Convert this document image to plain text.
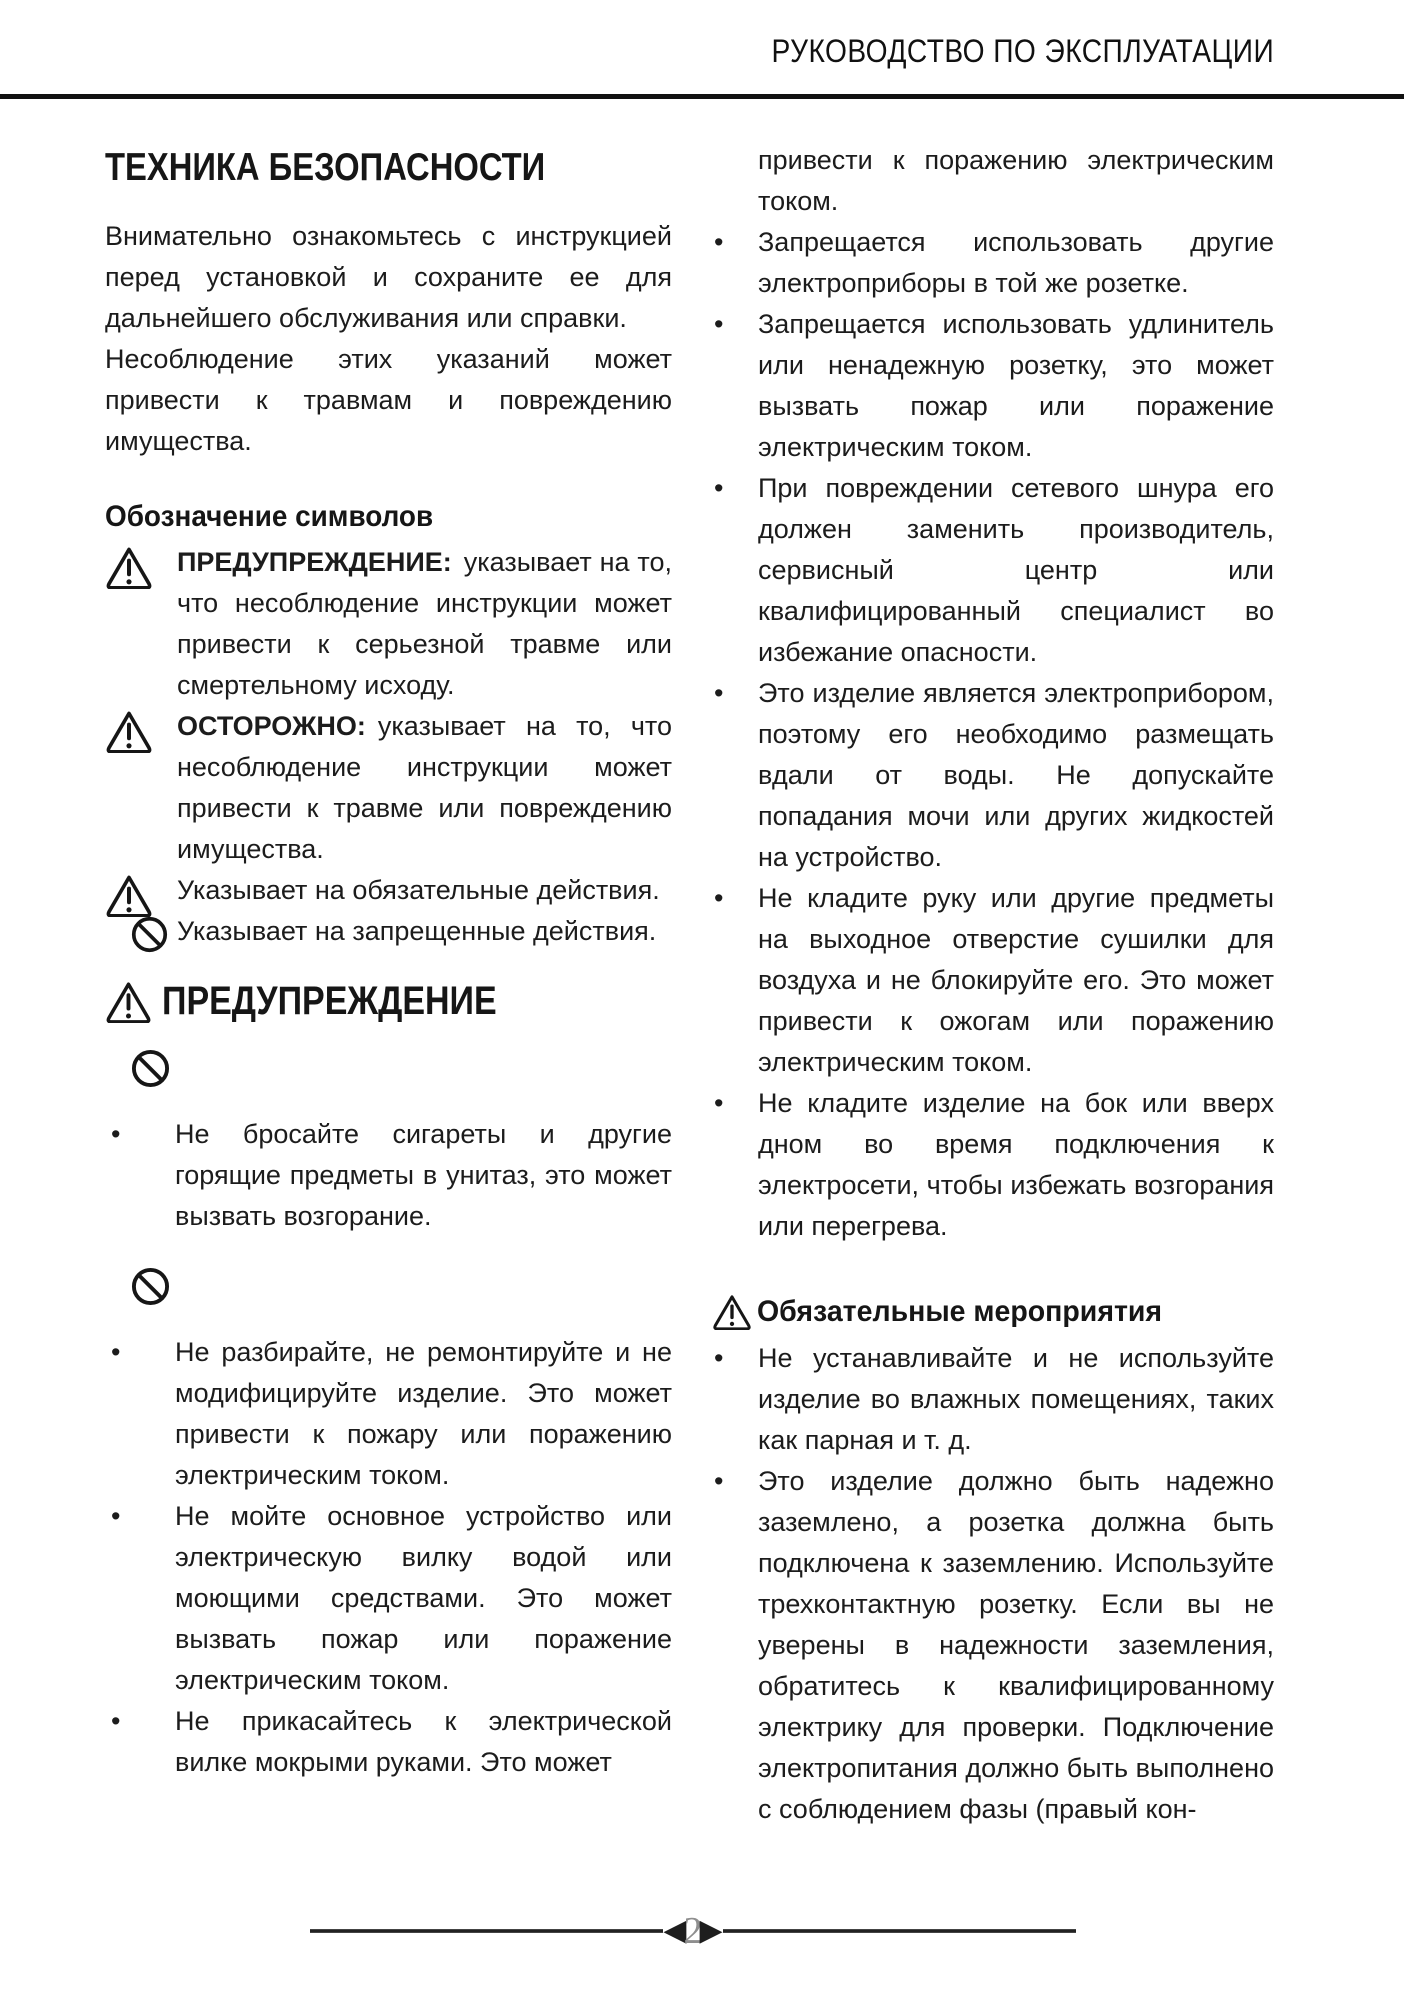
РУКОВОДСТВО ПО ЭКСПЛУАТАЦИИ
ТЕХНИКА БЕЗОПАСНОСТИ

Внимательно ознакомьтесь с инструкцией перед установкой и сохраните ее для дальнейшего обслуживания или справки.

Несоблюдение этих указаний может привести к травмам и повреждению имущества.

Обозначение символов
ПРЕДУПРЕЖДЕНИЕ: указывает на то, что несоблюдение инструкции может привести к серьезной травме или смертельному исходу.
ОСТОРОЖНО: указывает на то, что несоблюдение инструкции может привести к травме или повреждению имущества.
Указывает на обязательные действия.
Указывает на запрещенные действия.
ПРЕДУПРЕЖДЕНИЕ
• Не бросайте сигареты и другие горящие предметы в унитаз, это может вызвать возгорание.

• Не разбирайте, не ремонтируйте и не модифицируйте изделие. Это может привести к пожару или поражению электрическим током.

• Не мойте основное устройство или электрическую вилку водой или моющими средствами. Это может вызвать пожар или поражение электрическим током.

• Не прикасайтесь к электрической вилке мокрыми руками. Это может

привести к поражению электрическим током.

• Запрещается использовать другие электроприборы в той же розетке.

• Запрещается использовать удлинитель или ненадежную розетку, это может вызвать пожар или поражение электрическим током.

• При повреждении сетевого шнура его должен заменить производитель, сервисный центр или квалифицированный специалист во избежание опасности.

• Это изделие является электроприбором, поэтому его необходимо размещать вдали от воды. Не допускайте попадания мочи или других жидкостей на устройство.

• Не кладите руку или другие предметы на выходное отверстие сушилки для воздуха и не блокируйте его. Это может привести к ожогам или поражению электрическим током.

• Не кладите изделие на бок или вверх дном во время подключения к электросети, чтобы избежать возгорания или перегрева.

Обязательные мероприятия
• Не устанавливайте и не используйте изделие во влажных помещениях, таких как парная и т. д.

• Это изделие должно быть надежно заземлено, а розетка должна быть подключена к заземлению. Используйте трехконтактную розетку. Если вы не уверены в надежности заземления, обратитесь к квалифицированному электрику для проверки. Подключение электропитания должно быть выполнено с соблюдением фазы (правый кон-

◀
2
▶
